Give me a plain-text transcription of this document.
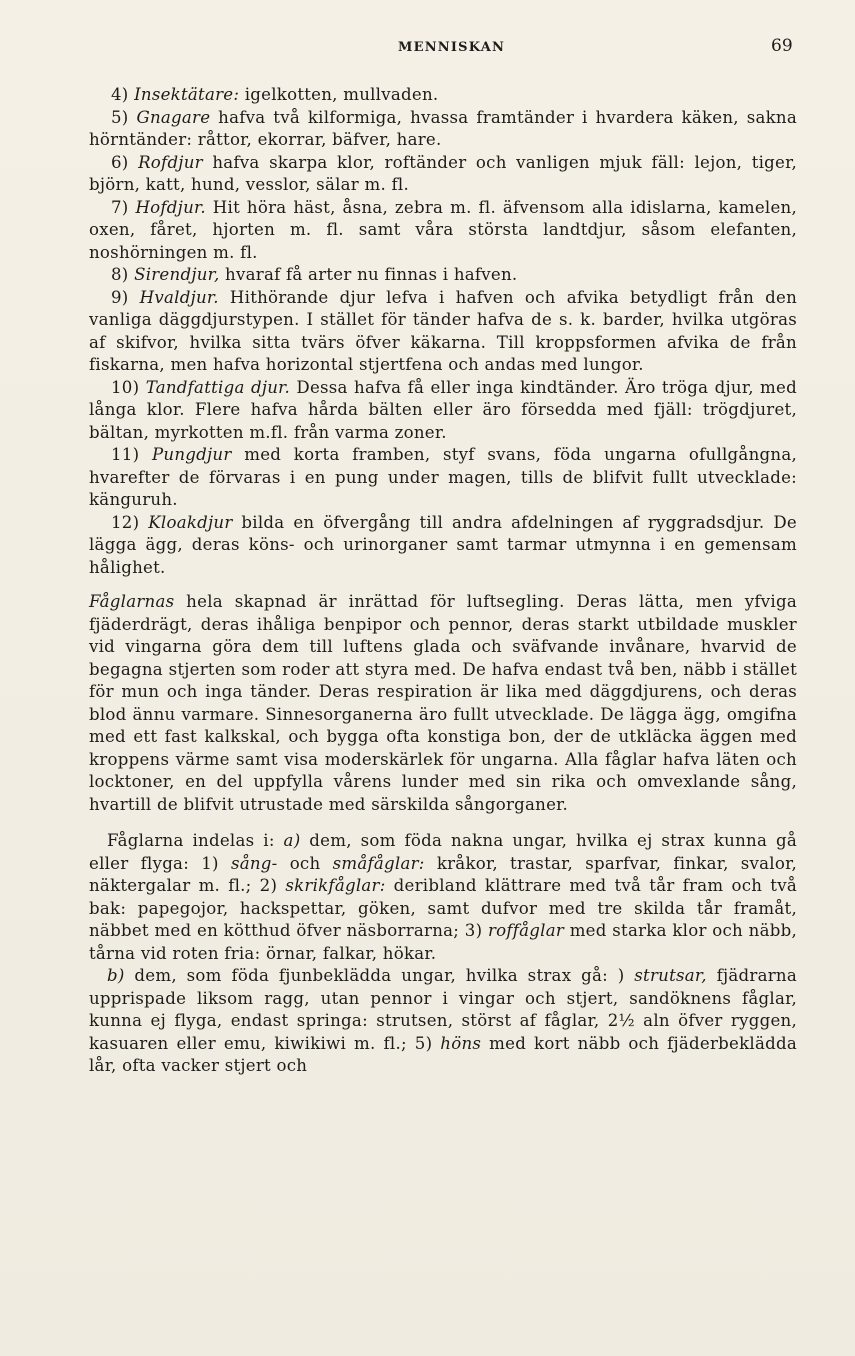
MENNISKAN	69

4) Insektätare: igelkotten, mullvaden.

5) Gnagare hafva två kilformiga, hvassa framtänder i hvardera käken, sakna hörntänder: råttor, ekorrar, bäfver, hare.

6) Rofdjur hafva skarpa klor, roftänder och vanligen mjuk fäll: lejon, tiger, björn, katt, hund, vesslor, sälar m. fl.

7) Hofdjur. Hit höra häst, åsna, zebra m. fl. äfvensom alla idislarna, kamelen, oxen, fåret, hjorten m. fl. samt våra största landtdjur, såsom elefanten, noshörningen m. fl.

8) Sirendjur, hvaraf få arter nu finnas i hafven.

9) Hvaldjur. Hithörande djur lefva i hafven och afvika betydligt från den vanliga däggdjurstypen. I stället för tänder hafva de s. k. barder, hvilka utgöras af skifvor, hvilka sitta tvärs öfver käkarna. Till kroppsformen afvika de från fiskarna, men hafva horizontal stjertfena och andas med lungor.

10) Tandfattiga djur. Dessa hafva få eller inga kindtänder. Äro tröga djur, med långa klor. Flere hafva hårda bälten eller äro försedda med fjäll: trögdjuret, bältan, myrkotten m.fl. från varma zoner.

11) Pungdjur med korta framben, styf svans, föda ungarna ofullgångna, hvarefter de förvaras i en pung under magen, tills de blifvit fullt utvecklade: känguruh.

12) Kloakdjur bilda en öfvergång till andra afdelningen af ryggradsdjur. De lägga ägg, deras köns- och urinorganer samt tarmar utmynna i en gemensam hålighet.

Fåglarnas hela skapnad är inrättad för luftsegling. Deras lätta, men yfviga fjäderdrägt, deras ihåliga benpipor och pennor, deras starkt utbildade muskler vid vingarna göra dem till luftens glada och sväfvande invånare, hvarvid de begagna stjerten som roder att styra med. De hafva endast två ben, näbb i stället för mun och inga tänder. Deras respiration är lika med däggdjurens, och deras blod ännu varmare. Sinnesorganerna äro fullt utvecklade. De lägga ägg, omgifna med ett fast kalkskal, och bygga ofta konstiga bon, der de utkläcka äggen med kroppens värme samt visa moderskärlek för ungarna. Alla fåglar hafva läten och locktoner, en del uppfylla vårens lunder med sin rika och omvexlande sång, hvartill de blifvit utrustade med särskilda sångorganer.

Fåglarna indelas i: a) dem, som föda nakna ungar, hvilka ej strax kunna gå eller flyga: 1) sång- och småfåglar: kråkor, trastar, sparfvar, finkar, svalor, näktergalar m. fl.; 2) skrikfåglar: deribland klättrare med två tår fram och två bak: papegojor, hackspettar, göken, samt dufvor med tre skilda tår framåt, näbbet med en kötthud öfver näsborrarna; 3) roffåglar med starka klor och näbb, tårna vid roten fria: örnar, falkar, hökar.

b) dem, som föda fjunbeklädda ungar, hvilka strax gå: ) strutsar, fjädrarna upprispade liksom ragg, utan pennor i vingar och stjert, sandöknens fåglar, kunna ej flyga, endast springa: strutsen, störst af fåglar, 2½ aln öfver ryggen, kasuaren eller emu, kiwikiwi m. fl.; 5) höns med kort näbb och fjäderbeklädda lår, ofta vacker stjert och
